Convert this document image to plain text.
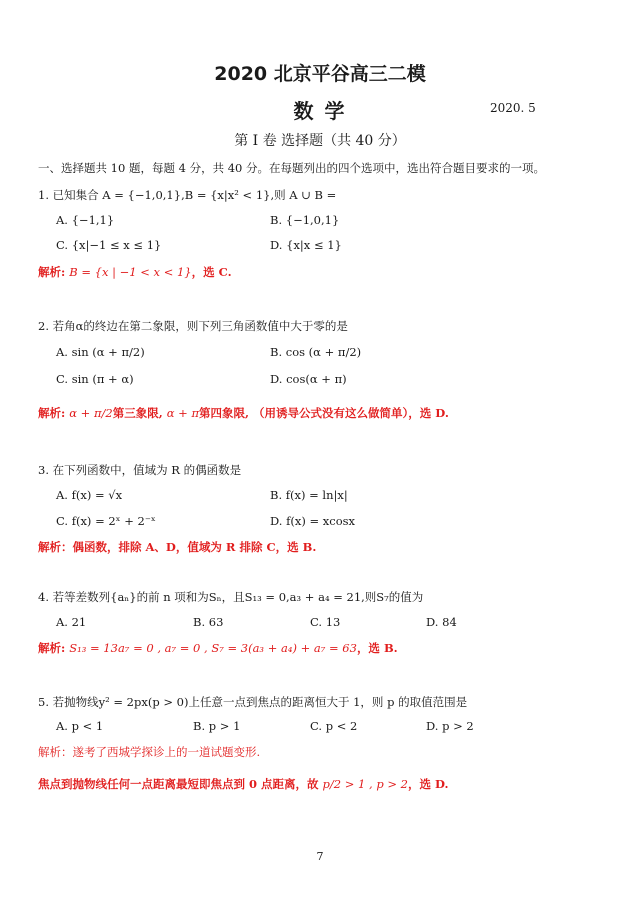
2020 北京平谷高三二模
数 学	2020. 5
第 I 卷 选择题（共 40 分）
一、选择题共 10 题，每题 4 分，共 40 分。在每题列出的四个选项中，选出符合题目要求的一项。
1. 已知集合 A = {−1,0,1},B = {x|x² < 1},则 A ∪ B =
A. {−1,1}	B. {−1,0,1}
C. {x|−1 ≤ x ≤ 1}	D. {x|x ≤ 1}
解析: B = {x | −1 < x < 1}，选 C.
2. 若角α的终边在第二象限，则下列三角函数值中大于零的是
A. sin (α + π/2)	B. cos (α + π/2)
C. sin (π + α)	D. cos(α + π)
解析: α + π/2第三象限, α + π第四象限, （用诱导公式没有这么做简单），选 D.
3. 在下列函数中，值域为 R 的偶函数是
A. f(x) = √x	B. f(x) = ln|x|
C. f(x) = 2ˣ + 2⁻ˣ	D. f(x) = xcosx
解析：偶函数，排除 A、D，值域为 R 排除 C，选 B.
4. 若等差数列{aₙ}的前 n 项和为Sₙ，且S₁₃ = 0,a₃ + a₄ = 21,则S₇的值为
A. 21	B. 63	C. 13	D. 84
解析: S₁₃ = 13a₇ = 0 , a₇ = 0 , S₇ = 3(a₃ + a₄) + a₇ = 63，选 B.
5. 若抛物线y² = 2px(p > 0)上任意一点到焦点的距离恒大于 1，则 p 的取值范围是
A. p < 1	B. p > 1	C. p < 2	D. p > 2
解析：遂考了西城学探诊上的一道试题变形.
焦点到抛物线任何一点距离最短即焦点到 0 点距离，故 p/2 > 1 , p > 2，选 D.
7
